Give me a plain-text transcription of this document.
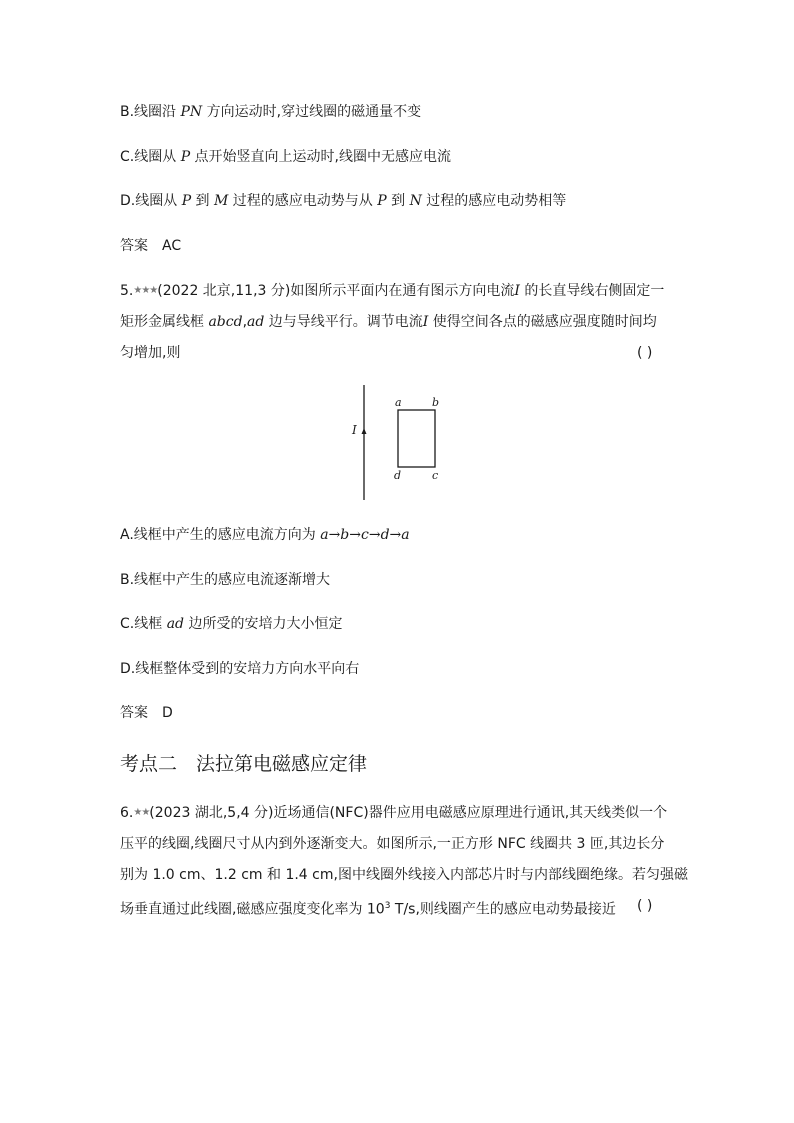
B.线圈沿 PN 方向运动时,穿过线圈的磁通量不变
C.线圈从 P 点开始竖直向上运动时,线圈中无感应电流
D.线圈从 P 到 M 过程的感应电动势与从 P 到 N 过程的感应电动势相等
答案 AC
5.★★★(2022 北京,11,3 分)如图所示平面内在通有图示方向电流I 的长直导线右侧固定一
矩形金属线框 abcd,ad 边与导线平行。调节电流I 使得空间各点的磁感应强度随时间均
匀增加,则	( )
I
a	b
c
d
A.线框中产生的感应电流方向为 a→b→c→d→a
B.线框中产生的感应电流逐渐增大
C.线框 ad 边所受的安培力大小恒定
D.线框整体受到的安培力方向水平向右
答案 D
考点二　法拉第电磁感应定律
6.★★(2023 湖北,5,4 分)近场通信(NFC)器件应用电磁感应原理进行通讯,其天线类似一个
压平的线圈,线圈尺寸从内到外逐渐变大。如图所示,一正方形 NFC 线圈共 3 匝,其边长分
别为 1.0 cm、1.2 cm 和 1.4 cm,图中线圈外线接入内部芯片时与内部线圈绝缘。若匀强磁
场垂直通过此线圈,磁感应强度变化率为 $10^3$ T/s,则线圈产生的感应电动势最接近 ( )
